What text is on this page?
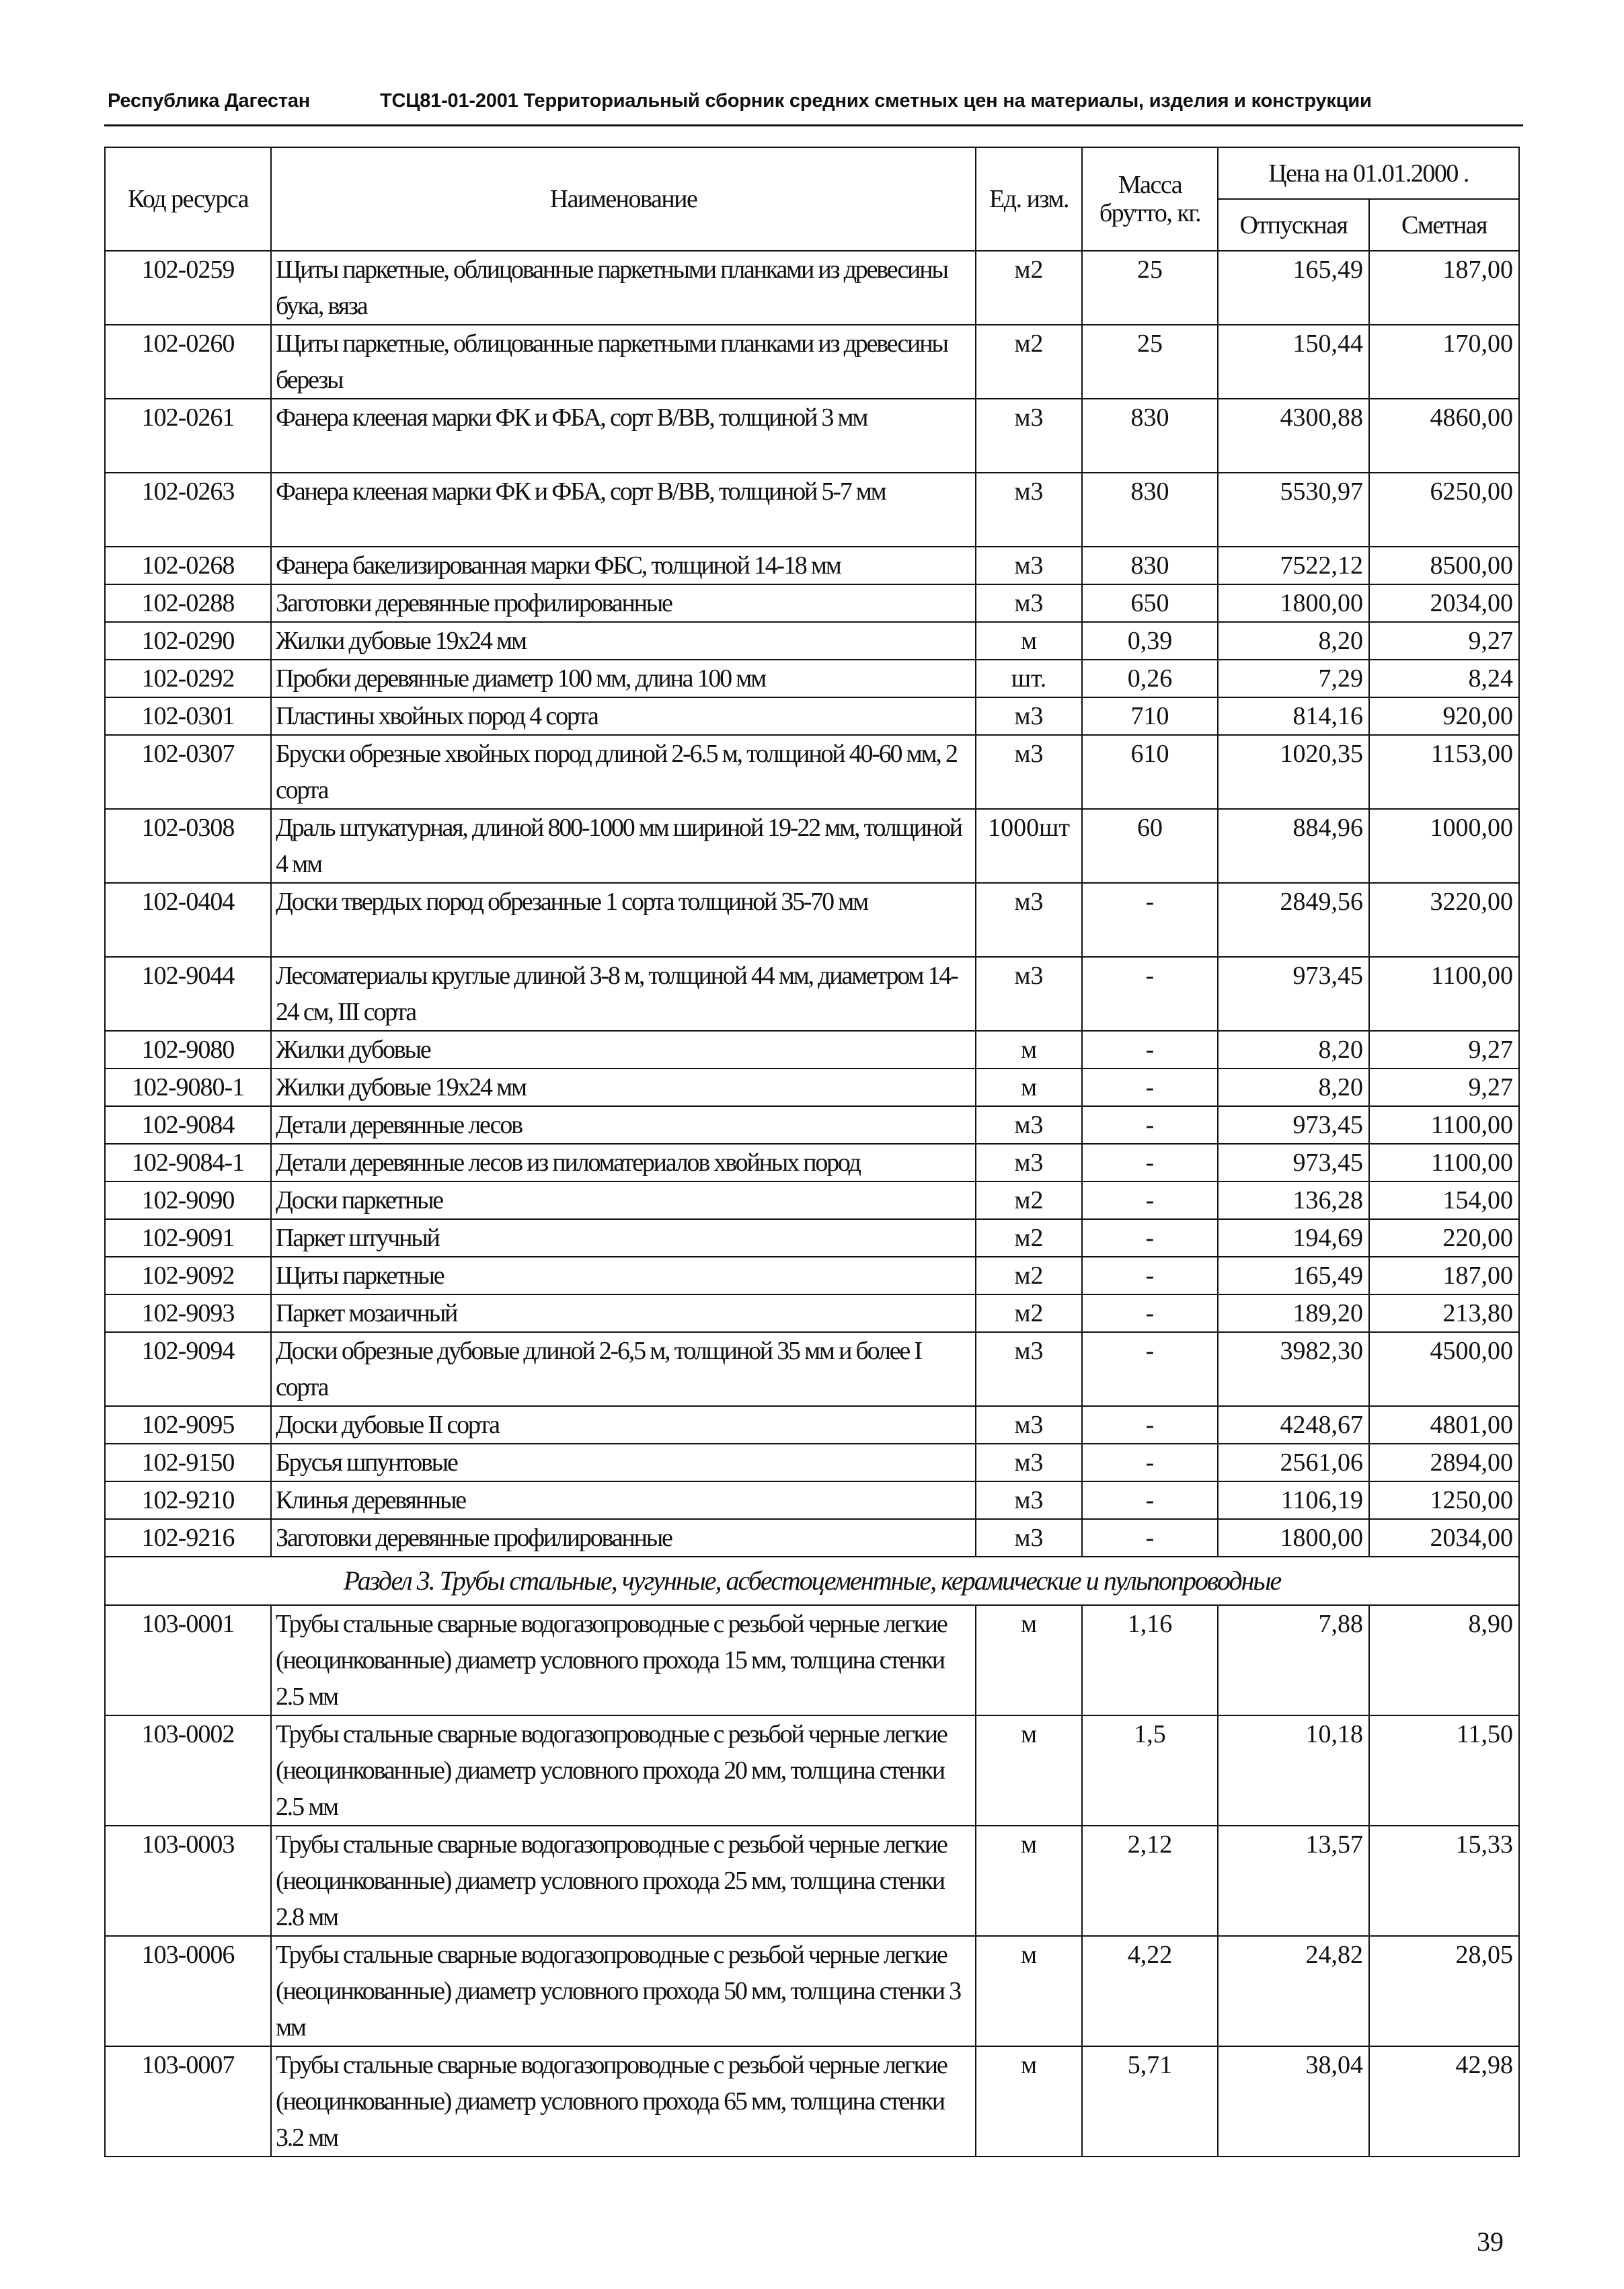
Республика Дагестан	ТСЦ81-01-2001 Территориальный сборник средних сметных цен на материалы, изделия и конструкции
Код ресурса	Наименование	Ед. изм.	Масса брутто, кг.	Цена на 01.01.2000 .	
				Отпускная	Сметная
102-0259	Щиты паркетные, облицованные паркетными планками из древесины бука, вяза	м2	25	165,49	187,00
102-0260	Щиты паркетные, облицованные паркетными планками из древесины березы	м2	25	150,44	170,00
102-0261	Фанера клееная марки ФК и ФБА, сорт В/ВВ, толщиной 3 мм	м3	830	4300,88	4860,00
102-0263	Фанера клееная марки ФК и ФБА, сорт В/ВВ, толщиной 5-7 мм	м3	830	5530,97	6250,00
102-0268	Фанера бакелизированная марки ФБС, толщиной 14-18 мм	м3	830	7522,12	8500,00
102-0288	Заготовки деревянные профилированные	м3	650	1800,00	2034,00
102-0290	Жилки дубовые 19х24 мм	м	0,39	8,20	9,27
102-0292	Пробки деревянные диаметр 100 мм, длина 100 мм	шт.	0,26	7,29	8,24
102-0301	Пластины хвойных пород 4 сорта	м3	710	814,16	920,00
102-0307	Бруски обрезные хвойных пород длиной 2-6.5 м, толщиной 40-60 мм, 2 сорта	м3	610	1020,35	1153,00
102-0308	Драль штукатурная, длиной 800-1000 мм шириной 19-22 мм, толщиной 4 мм	1000шт	60	884,96	1000,00
102-0404	Доски твердых пород обрезанные 1 сорта толщиной 35-70 мм	м3	-	2849,56	3220,00
102-9044	Лесоматериалы круглые длиной 3-8 м, толщиной 44 мм, диаметром 14-24 см, III сорта	м3	-	973,45	1100,00
102-9080	Жилки дубовые	м	-	8,20	9,27
102-9080-1	Жилки дубовые 19х24 мм	м	-	8,20	9,27
102-9084	Детали деревянные лесов	м3	-	973,45	1100,00
102-9084-1	Детали деревянные лесов из пиломатериалов хвойных пород	м3	-	973,45	1100,00
102-9090	Доски паркетные	м2	-	136,28	154,00
102-9091	Паркет штучный	м2	-	194,69	220,00
102-9092	Щиты паркетные	м2	-	165,49	187,00
102-9093	Паркет мозаичный	м2	-	189,20	213,80
102-9094	Доски обрезные дубовые длиной 2-6,5 м, толщиной 35 мм и более I сорта	м3	-	3982,30	4500,00
102-9095	Доски дубовые II сорта	м3	-	4248,67	4801,00
102-9150	Брусья шпунтовые	м3	-	2561,06	2894,00
102-9210	Клинья деревянные	м3	-	1106,19	1250,00
102-9216	Заготовки деревянные профилированные	м3	-	1800,00	2034,00
Раздел 3. Трубы стальные, чугунные, асбестоцементные, керамические и пульпопроводные					
103-0001	Трубы стальные сварные водогазопроводные с резьбой черные легкие (неоцинкованные) диаметр условного прохода 15 мм, толщина стенки 2.5 мм	м	1,16	7,88	8,90
103-0002	Трубы стальные сварные водогазопроводные с резьбой черные легкие (неоцинкованные) диаметр условного прохода 20 мм, толщина стенки 2.5 мм	м	1,5	10,18	11,50
103-0003	Трубы стальные сварные водогазопроводные с резьбой черные легкие (неоцинкованные) диаметр условного прохода 25 мм, толщина стенки 2.8 мм	м	2,12	13,57	15,33
103-0006	Трубы стальные сварные водогазопроводные с резьбой черные легкие (неоцинкованные) диаметр условного прохода 50 мм, толщина стенки 3 мм	м	4,22	24,82	28,05
103-0007	Трубы стальные сварные водогазопроводные с резьбой черные легкие (неоцинкованные) диаметр условного прохода 65 мм, толщина стенки 3.2 мм	м	5,71	38,04	42,98
39
